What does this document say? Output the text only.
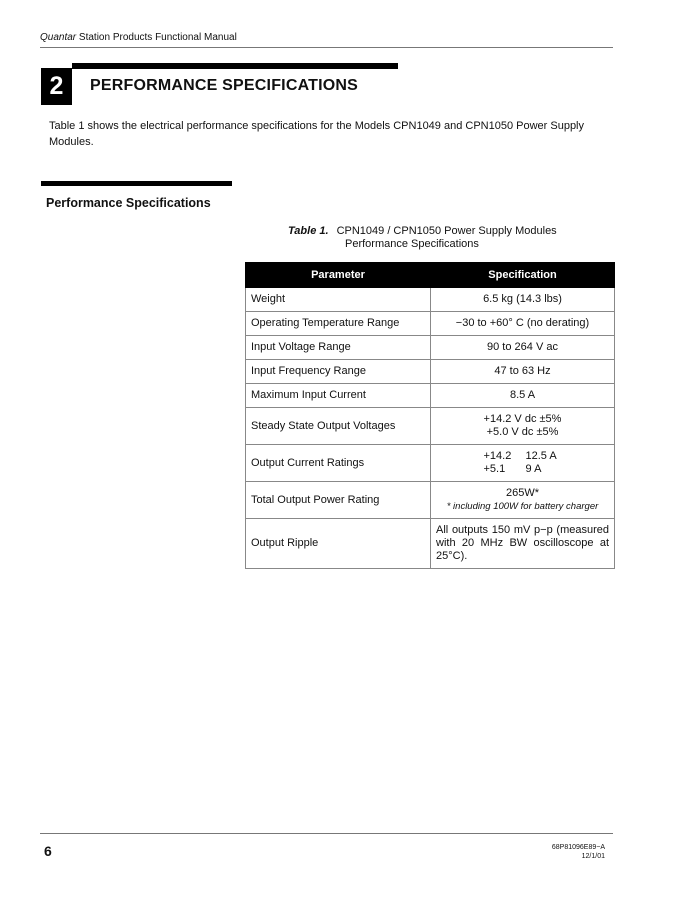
Quantar Station Products Functional Manual
2	PERFORMANCE SPECIFICATIONS
Table 1 shows the electrical performance specifications for the Models CPN1049 and CPN1050 Power Supply Modules.
Performance Specifications
Table 1. CPN1049 / CPN1050 Power Supply Modules
Performance Specifications
Parameter	Specification
Weight	6.5 kg (14.3 lbs)
Operating Temperature Range	−30 to +60° C (no derating)
Input Voltage Range	90 to 264 V ac
Input Frequency Range	47 to 63 Hz
Maximum Input Current	8.5 A
Steady State Output Voltages	+14.2 V dc ±5%
+5.0 V dc ±5%

Output Current Ratings	+14.2 12.5 A
+5.1 9 A

Total Output Power Rating	265W*
* including 100W for battery charger

Output Ripple	All outputs 150 mV p−p (measured with 20 MHz BW oscilloscope at 25°C).
6	68P81096E89−A
12/1/01
